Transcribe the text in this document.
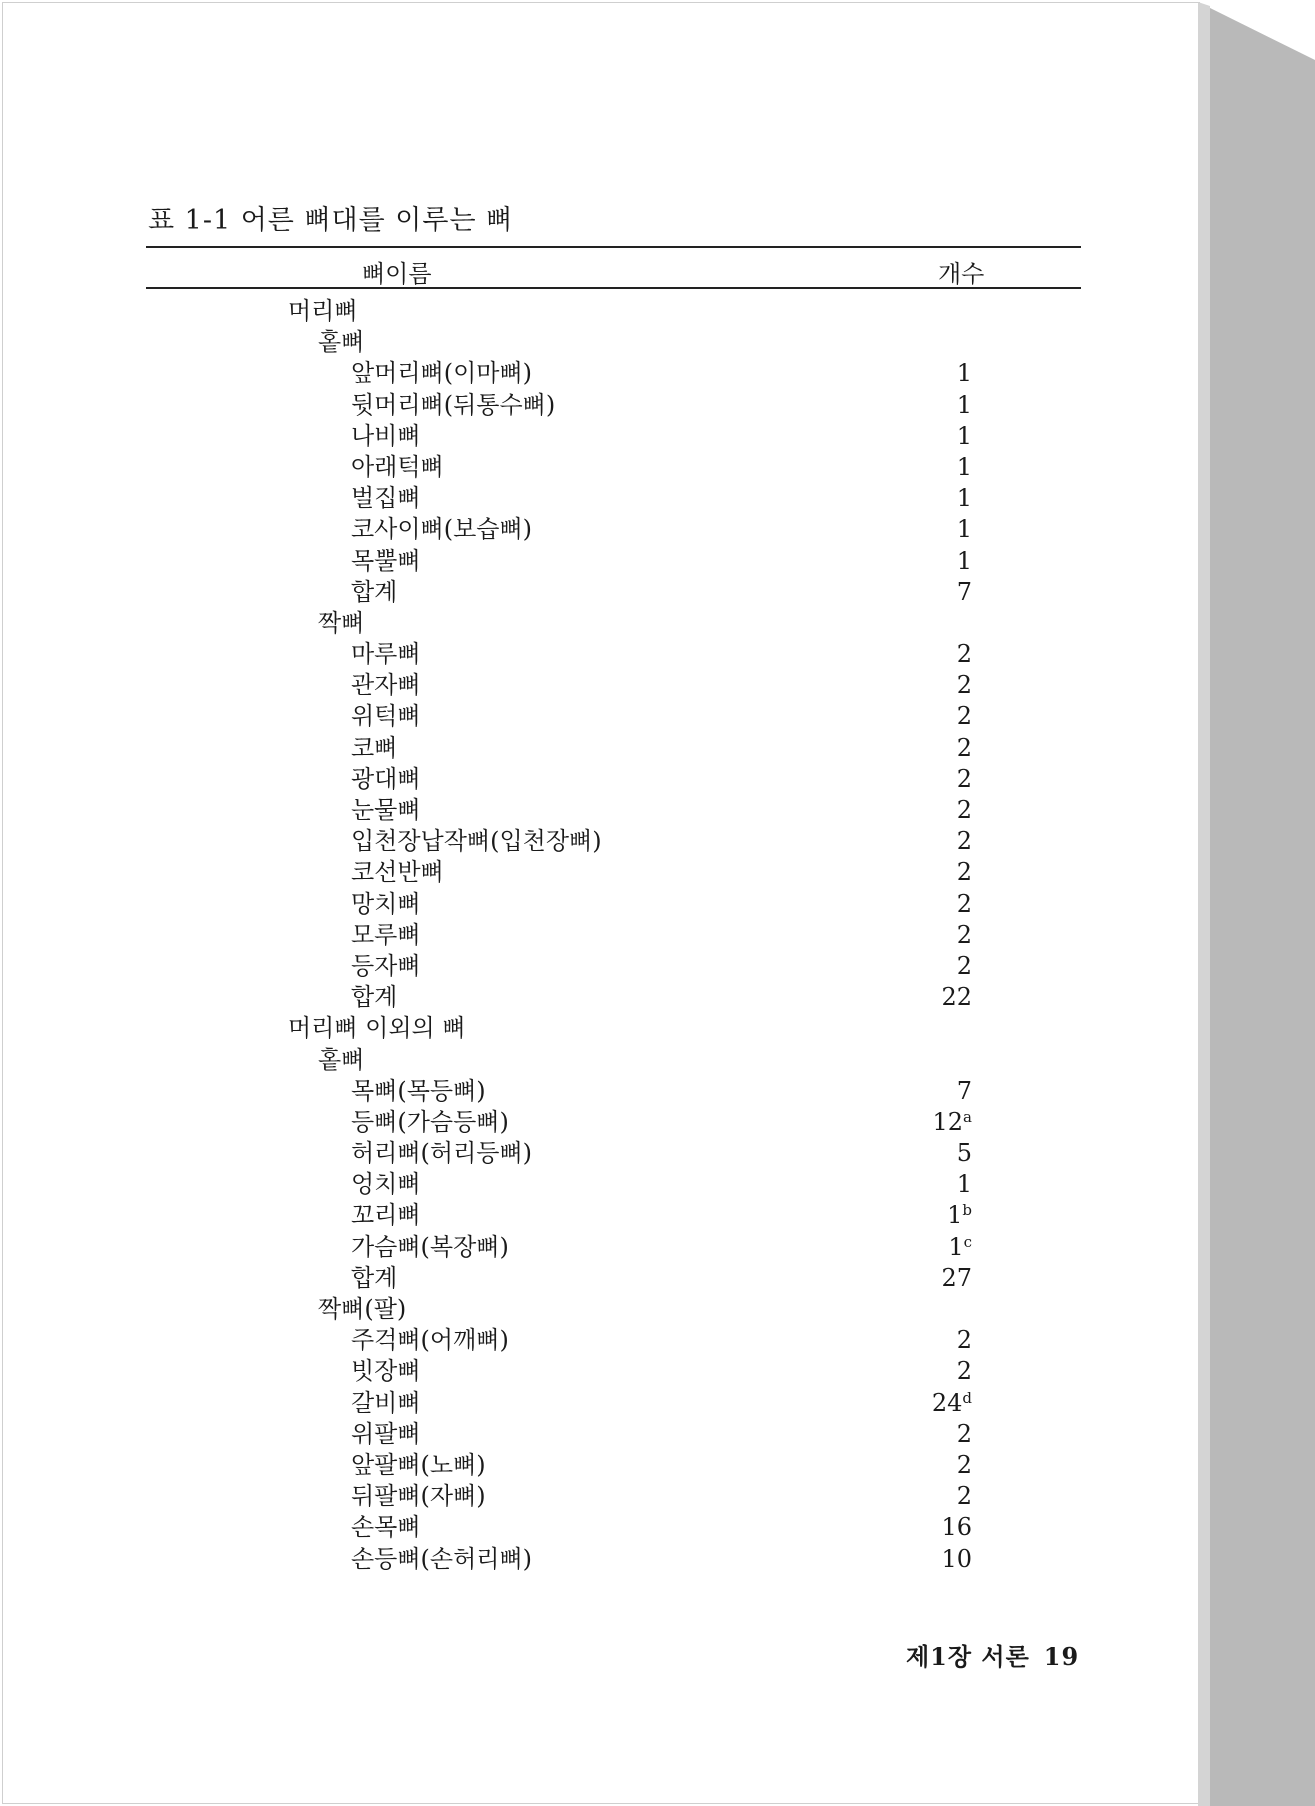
표 1-1 어른 뼈대를 이루는 뼈
뼈이름	개수
머리뼈
홑뼈
앞머리뼈(이마뼈)	1
뒷머리뼈(뒤통수뼈)	1
나비뼈	1
아래턱뼈	1
벌집뼈	1
코사이뼈(보습뼈)	1
목뿔뼈	1
합계	7
짝뼈
마루뼈	2
관자뼈	2
위턱뼈	2
코뼈	2
광대뼈	2
눈물뼈	2
입천장납작뼈(입천장뼈)	2
코선반뼈	2
망치뼈	2
모루뼈	2
등자뼈	2
합계	22
머리뼈 이외의 뼈
홑뼈
목뼈(목등뼈)	7
등뼈(가슴등뼈)	12$^a$
허리뼈(허리등뼈)	5
엉치뼈	1
꼬리뼈	1$^b$
가슴뼈(복장뼈)	1$^c$
합계	27
짝뼈(팔)
주걱뼈(어깨뼈)	2
빗장뼈	2
갈비뼈	24$^d$
위팔뼈	2
앞팔뼈(노뼈)	2
뒤팔뼈(자뼈)	2
손목뼈	16
손등뼈(손허리뼈)	10
제1장 서론 19
